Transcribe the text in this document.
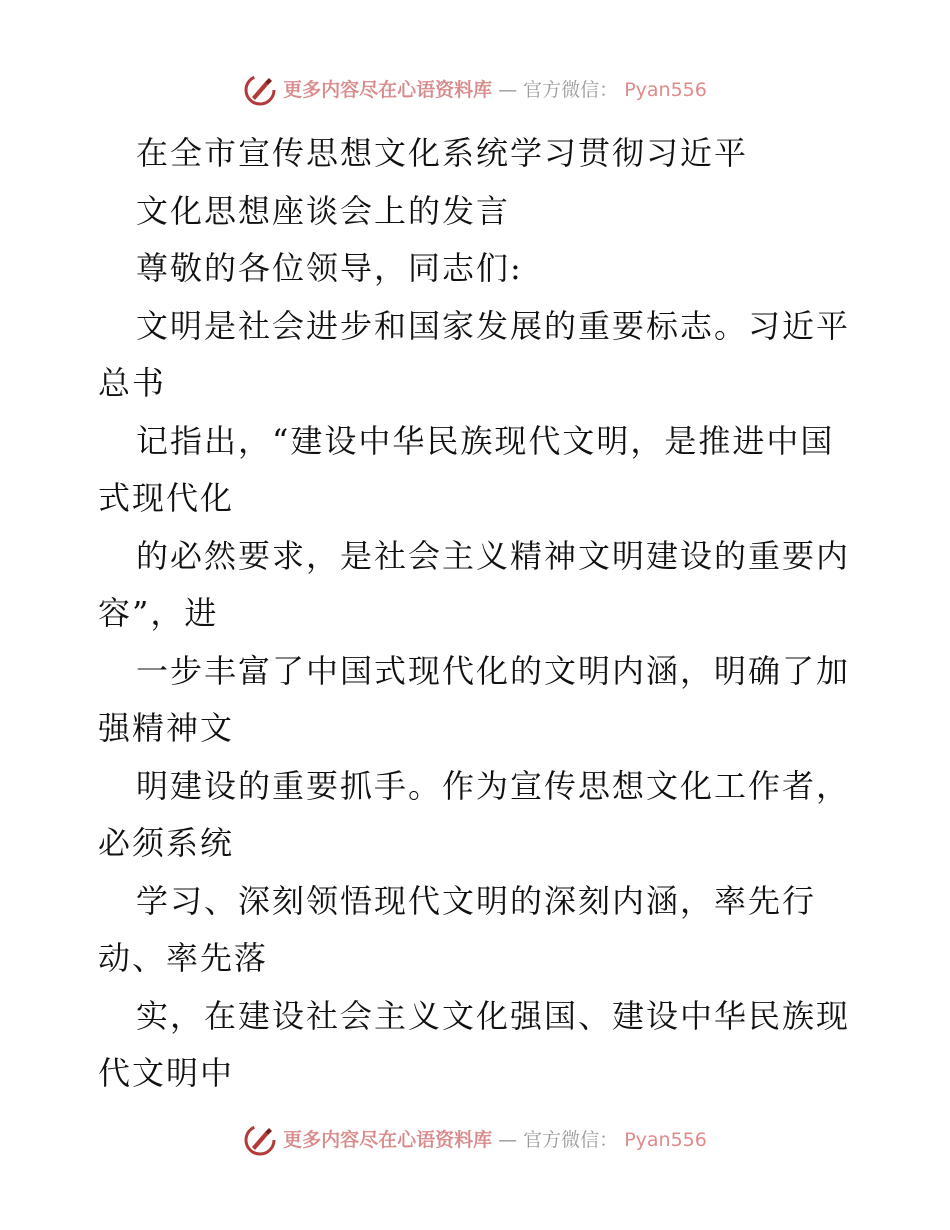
更多内容尽在心语资料库 — 官方微信： Pyan556
在全市宣传思想文化系统学习贯彻习近平
文化思想座谈会上的发言
尊敬的各位领导，同志们:
文明是社会进步和国家发展的重要标志。习近平
总书
记指出，“建设中华民族现代文明，是推进中国
式现代化
的必然要求，是社会主义精神文明建设的重要内
容”，进
一步丰富了中国式现代化的文明内涵，明确了加
强精神文
明建设的重要抓手。作为宣传思想文化工作者，
必须系统
学习、深刻领悟现代文明的深刻内涵，率先行
动、率先落
实，在建设社会主义文化强国、建设中华民族现
代文明中
更多内容尽在心语资料库 — 官方微信： Pyan556
